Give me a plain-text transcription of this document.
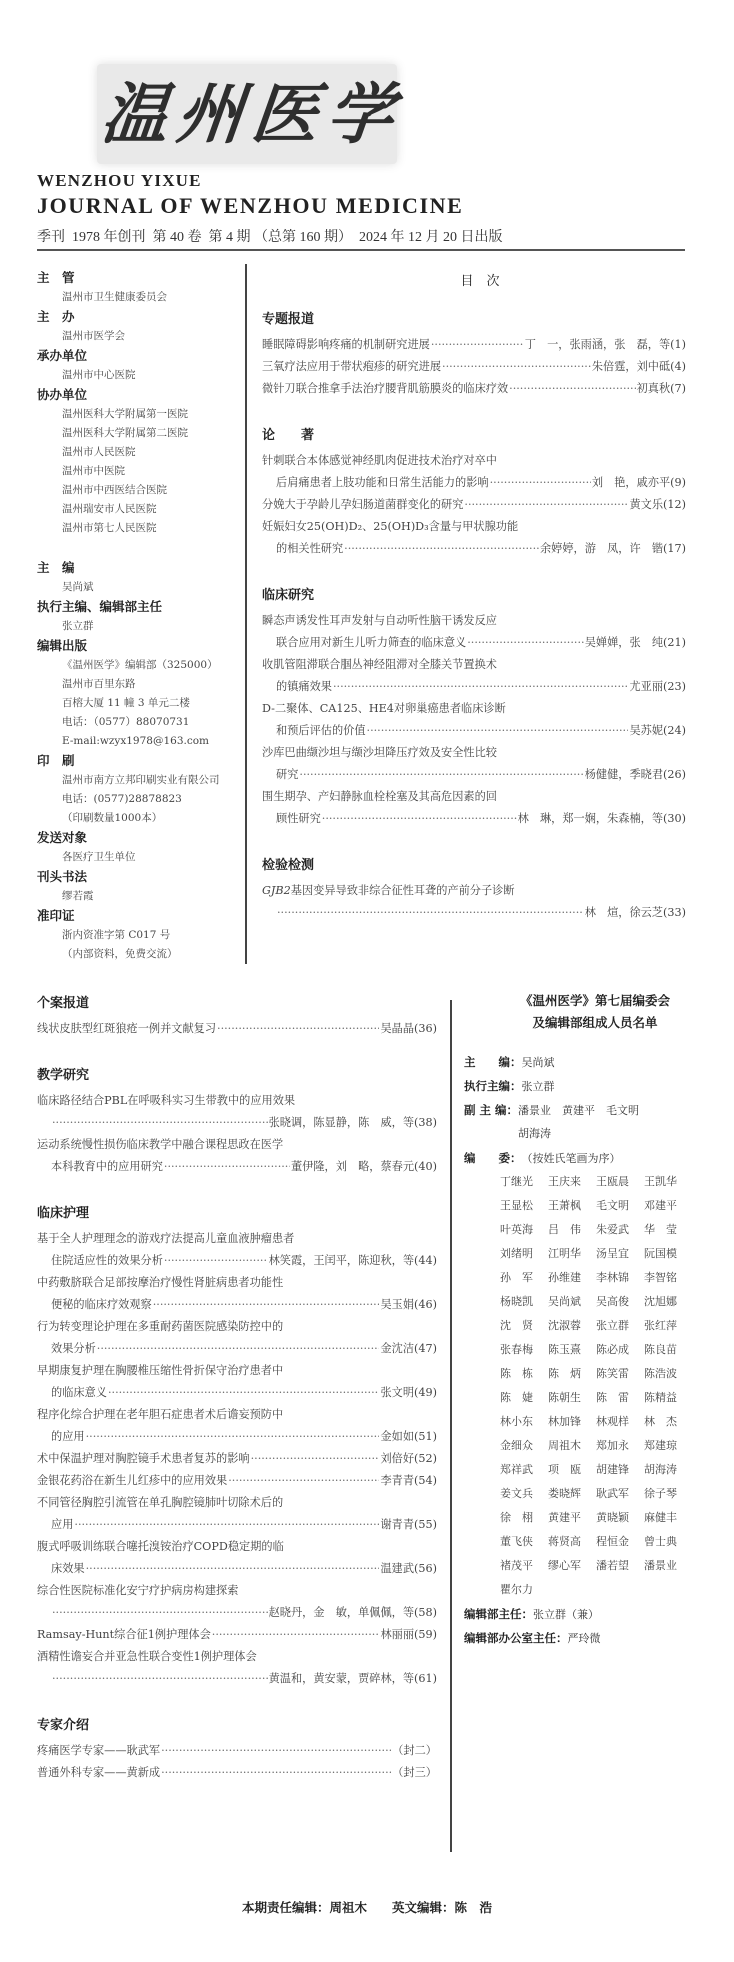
温 州 医 学
WENZHOU YIXUE
JOURNAL OF WENZHOU MEDICINE
季刊  1978 年创刊  第 40 卷  第 4 期 （总第 160 期）  2024 年 12 月 20 日出版
主　管
温州市卫生健康委员会
主　办
温州市医学会
承办单位
温州市中心医院
协办单位
温州医科大学附属第一医院
温州医科大学附属第二医院
温州市人民医院
温州市中医院
温州市中西医结合医院
温州瑞安市人民医院
温州市第七人民医院
主　编
吴尚斌
执行主编、编辑部主任
张立群
编辑出版
《温州医学》编辑部（325000）
温州市百里东路
百榕大厦 11 幢 3 单元二楼
电话：（0577）88070731
E-mail:wzyx1978@163.com
印　刷
温州市南方立邦印刷实业有限公司
电话：(0577)28878823
（印刷数量1000本）
发送对象
各医疗卫生单位
刊头书法
缪若霞
准印证
浙内资准字第 C017 号
（内部资料，免费交流）
目　次
专题报道
睡眠障碍影响疼痛的机制研究进展 ·····	丁　一，张雨涵，张　磊，等(1)
三氧疗法应用于带状疱疹的研究进展 ·····	朱倍霆，刘中砥(4)
微针刀联合推拿手法治疗腰背肌筋膜炎的临床疗效 ·····	初真秋(7)
论　　著
针刺联合本体感觉神经肌肉促进技术治疗对卒中
后肩痛患者上肢功能和日常生活能力的影响 ·····	刘　艳，戚亦平(9)
分娩大于孕龄儿孕妇肠道菌群变化的研究 ·····	黄文乐(12)
妊娠妇女25(OH)D₂、25(OH)D₃含量与甲状腺功能
的相关性研究 ·····	余婷婷，游　凤，许　锴(17)
临床研究
瞬态声诱发性耳声发射与自动听性脑干诱发反应
联合应用对新生儿听力筛查的临床意义 ·····	吴婵婵，张　纯(21)
收肌管阻滞联合腘丛神经阻滞对全膝关节置换术
的镇痛效果 ·····	尤亚丽(23)
D-二聚体、CA125、HE4对卵巢癌患者临床诊断
和预后评估的价值 ·····	吴苏妮(24)
沙库巴曲缬沙坦与缬沙坦降压疗效及安全性比较
研究 ·····	杨健健，季晓君(26)
围生期孕、产妇静脉血栓栓塞及其高危因素的回
顾性研究 ·····	林　琳，郑一娴，朱森楠，等(30)
检验检测
GJB2基因变异导致非综合征性耳聋的产前分子诊断
·····
林　煊，徐云芝(33)
个案报道
线状皮肤型红斑狼疮一例并文献复习 ·····	吴晶晶(36)
教学研究
临床路径结合PBL在呼吸科实习生带教中的应用效果
·····
张晓调，陈显静，陈　威，等(38)
运动系统慢性损伤临床教学中融合课程思政在医学
本科教育中的应用研究 ·····	董伊隆，刘　略，蔡春元(40)
临床护理
基于全人护理理念的游戏疗法提高儿童血液肿瘤患者
住院适应性的效果分析 ·····	林笑霞，王闰平，陈迎秋，等(44)
中药敷脐联合足部按摩治疗慢性肾脏病患者功能性
便秘的临床疗效观察 ·····	吴玉娟(46)
行为转变理论护理在多重耐药菌医院感染防控中的
效果分析 ·····	金沈洁(47)
早期康复护理在胸腰椎压缩性骨折保守治疗患者中
的临床意义 ·····	张文明(49)
程序化综合护理在老年胆石症患者术后谵妄预防中
的应用 ·····	金如如(51)
术中保温护理对胸腔镜手术患者复苏的影响 ·····	刘倍好(52)
金银花药浴在新生儿红疹中的应用效果 ·····	李青青(54)
不同管径胸腔引流管在单孔胸腔镜肺叶切除术后的
应用 ·····	谢青青(55)
腹式呼吸训练联合噻托溴铵治疗COPD稳定期的临
床效果 ·····	温建武(56)
综合性医院标准化安宁疗护病房构建探索
·····
赵晓丹，金　敏，单佩佩，等(58)
Ramsay-Hunt综合征1例护理体会 ·····	林丽丽(59)
酒精性谵妄合并亚急性联合变性1例护理体会
·····
黄温和，黄安蒙，贾碎林，等(61)
专家介绍
疼痛医学专家——耿武军 ·····	（封二）
普通外科专家——黄新成 ·····	（封三）
《温州医学》第七届编委会
及编辑部组成人员名单
主　　编：吴尚斌
执行主编：张立群
副 主 编：潘景业　黄建平　毛文明
胡海涛
编　　委：（按姓氏笔画为序）
丁继光	王庆来	王瓯晨	王凯华
王显松	王萧枫	毛文明	邓建平
叶英海	吕　伟	朱爱武	华　莹
刘绪明	江明华	汤呈宜	阮国模
孙　军	孙维建	李林锦	李智铭
杨晓凯	吴尚斌	吴高俊	沈旭娜
沈　贤	沈淑蓉	张立群	张红萍
张春梅	陈玉熹	陈必成	陈良苗
陈　栋	陈　炳	陈笑雷	陈浩波
陈　婕	陈朝生	陈　雷	陈精益
林小东	林加锋	林观样	林　杰
金细众	周祖木	郑加永	郑建琼
郑祥武	项　瓯	胡建锋	胡海涛
姜文兵	娄晓辉	耿武军	徐子琴
徐　栩	黄建平	黄晓颖	麻健丰
董飞侠	蒋贤高	程恒金	曾士典
褚茂平	缪心军	潘若望	潘景业
瞿尔力
编辑部主任：张立群（兼）
编辑部办公室主任：严玲微
本期责任编辑：周祖木　　英文编辑：陈　浩
